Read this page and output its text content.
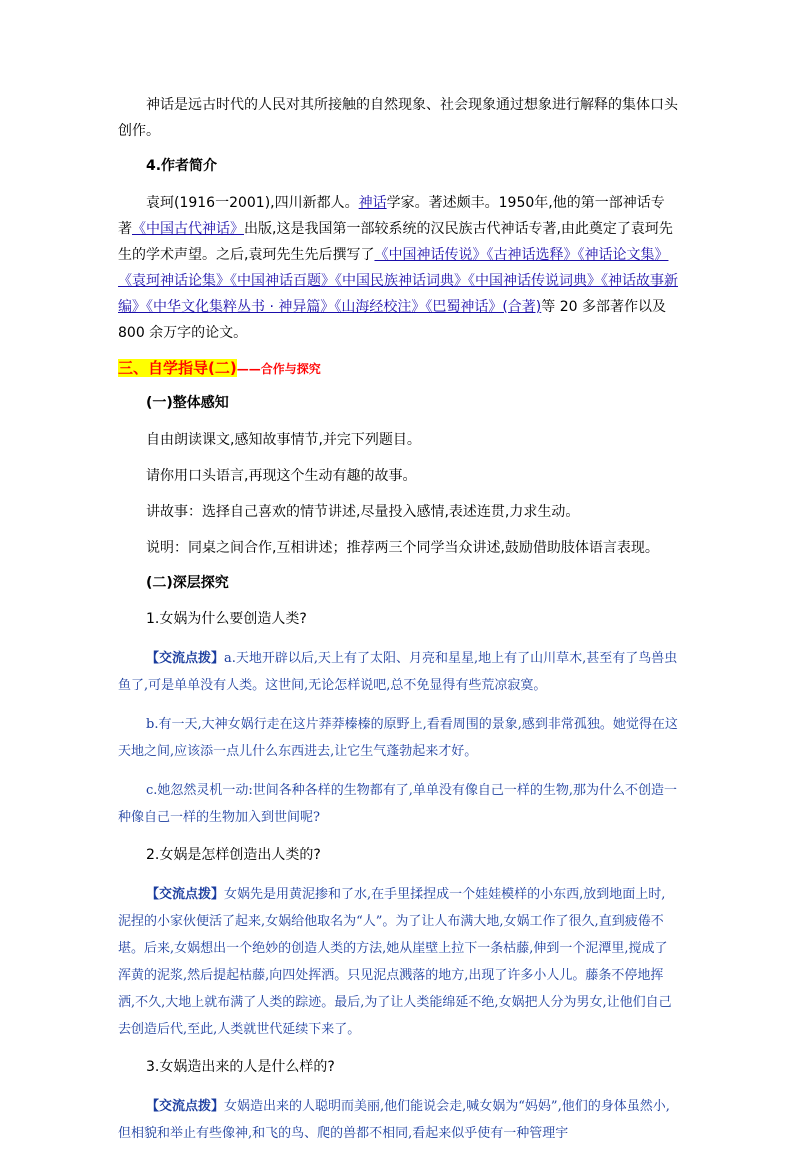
神话是远古时代的人民对其所接触的自然现象、社会现象通过想象进行解释的集体口头创作。

4.作者简介

袁珂(1916一2001),四川新都人。神话学家。著述颇丰。1950年,他的第一部神话专著《中国古代神话》出版,这是我国第一部较系统的汉民族古代神话专著,由此奠定了袁珂先生的学术声望。之后,袁珂先生先后撰写了《中国神话传说》《古神话选释》《神话论文集》《袁珂神话论集》《中国神话百题》《中国民族神话词典》《中国神话传说词典》《神话故事新编》《中华文化集粹丛书 · 神异篇》《山海经校注》《巴蜀神话》(合著)等 20 多部著作以及 800 余万字的论文。

三、自学指导(二)——合作与探究

(一)整体感知

自由朗读课文,感知故事情节,并完下列题目。

请你用口头语言,再现这个生动有趣的故事。

讲故事：选择自己喜欢的情节讲述,尽量投入感情,表述连贯,力求生动。

说明：同桌之间合作,互相讲述；推荐两三个同学当众讲述,鼓励借助肢体语言表现。

(二)深层探究

1.女娲为什么要创造人类?

【交流点拨】a.天地开辟以后,天上有了太阳、月亮和星星,地上有了山川草木,甚至有了鸟兽虫鱼了,可是单单没有人类。这世间,无论怎样说吧,总不免显得有些荒凉寂寞。

b.有一天,大神女娲行走在这片莽莽榛榛的原野上,看看周围的景象,感到非常孤独。她觉得在这天地之间,应该添一点儿什么东西进去,让它生气蓬勃起来才好。

c.她忽然灵机一动:世间各种各样的生物都有了,单单没有像自己一样的生物,那为什么不创造一种像自己一样的生物加入到世间呢?

2.女娲是怎样创造出人类的?

【交流点拨】女娲先是用黄泥掺和了水,在手里揉捏成一个娃娃模样的小东西,放到地面上时,泥捏的小家伙便活了起来,女娲给他取名为“人”。为了让人布满大地,女娲工作了很久,直到疲倦不堪。后来,女娲想出一个绝妙的创造人类的方法,她从崖壁上拉下一条枯藤,伸到一个泥潭里,搅成了浑黄的泥浆,然后提起枯藤,向四处挥洒。只见泥点溅落的地方,出现了许多小人儿。藤条不停地挥洒,不久,大地上就布满了人类的踪迹。最后,为了让人类能绵延不绝,女娲把人分为男女,让他们自己去创造后代,至此,人类就世代延续下来了。

3.女娲造出来的人是什么样的?

【交流点拨】女娲造出来的人聪明而美丽,他们能说会走,喊女娲为“妈妈”,他们的身体虽然小,但相貌和举止有些像神,和飞的鸟、爬的兽都不相同,看起来似乎使有一种管理宇
